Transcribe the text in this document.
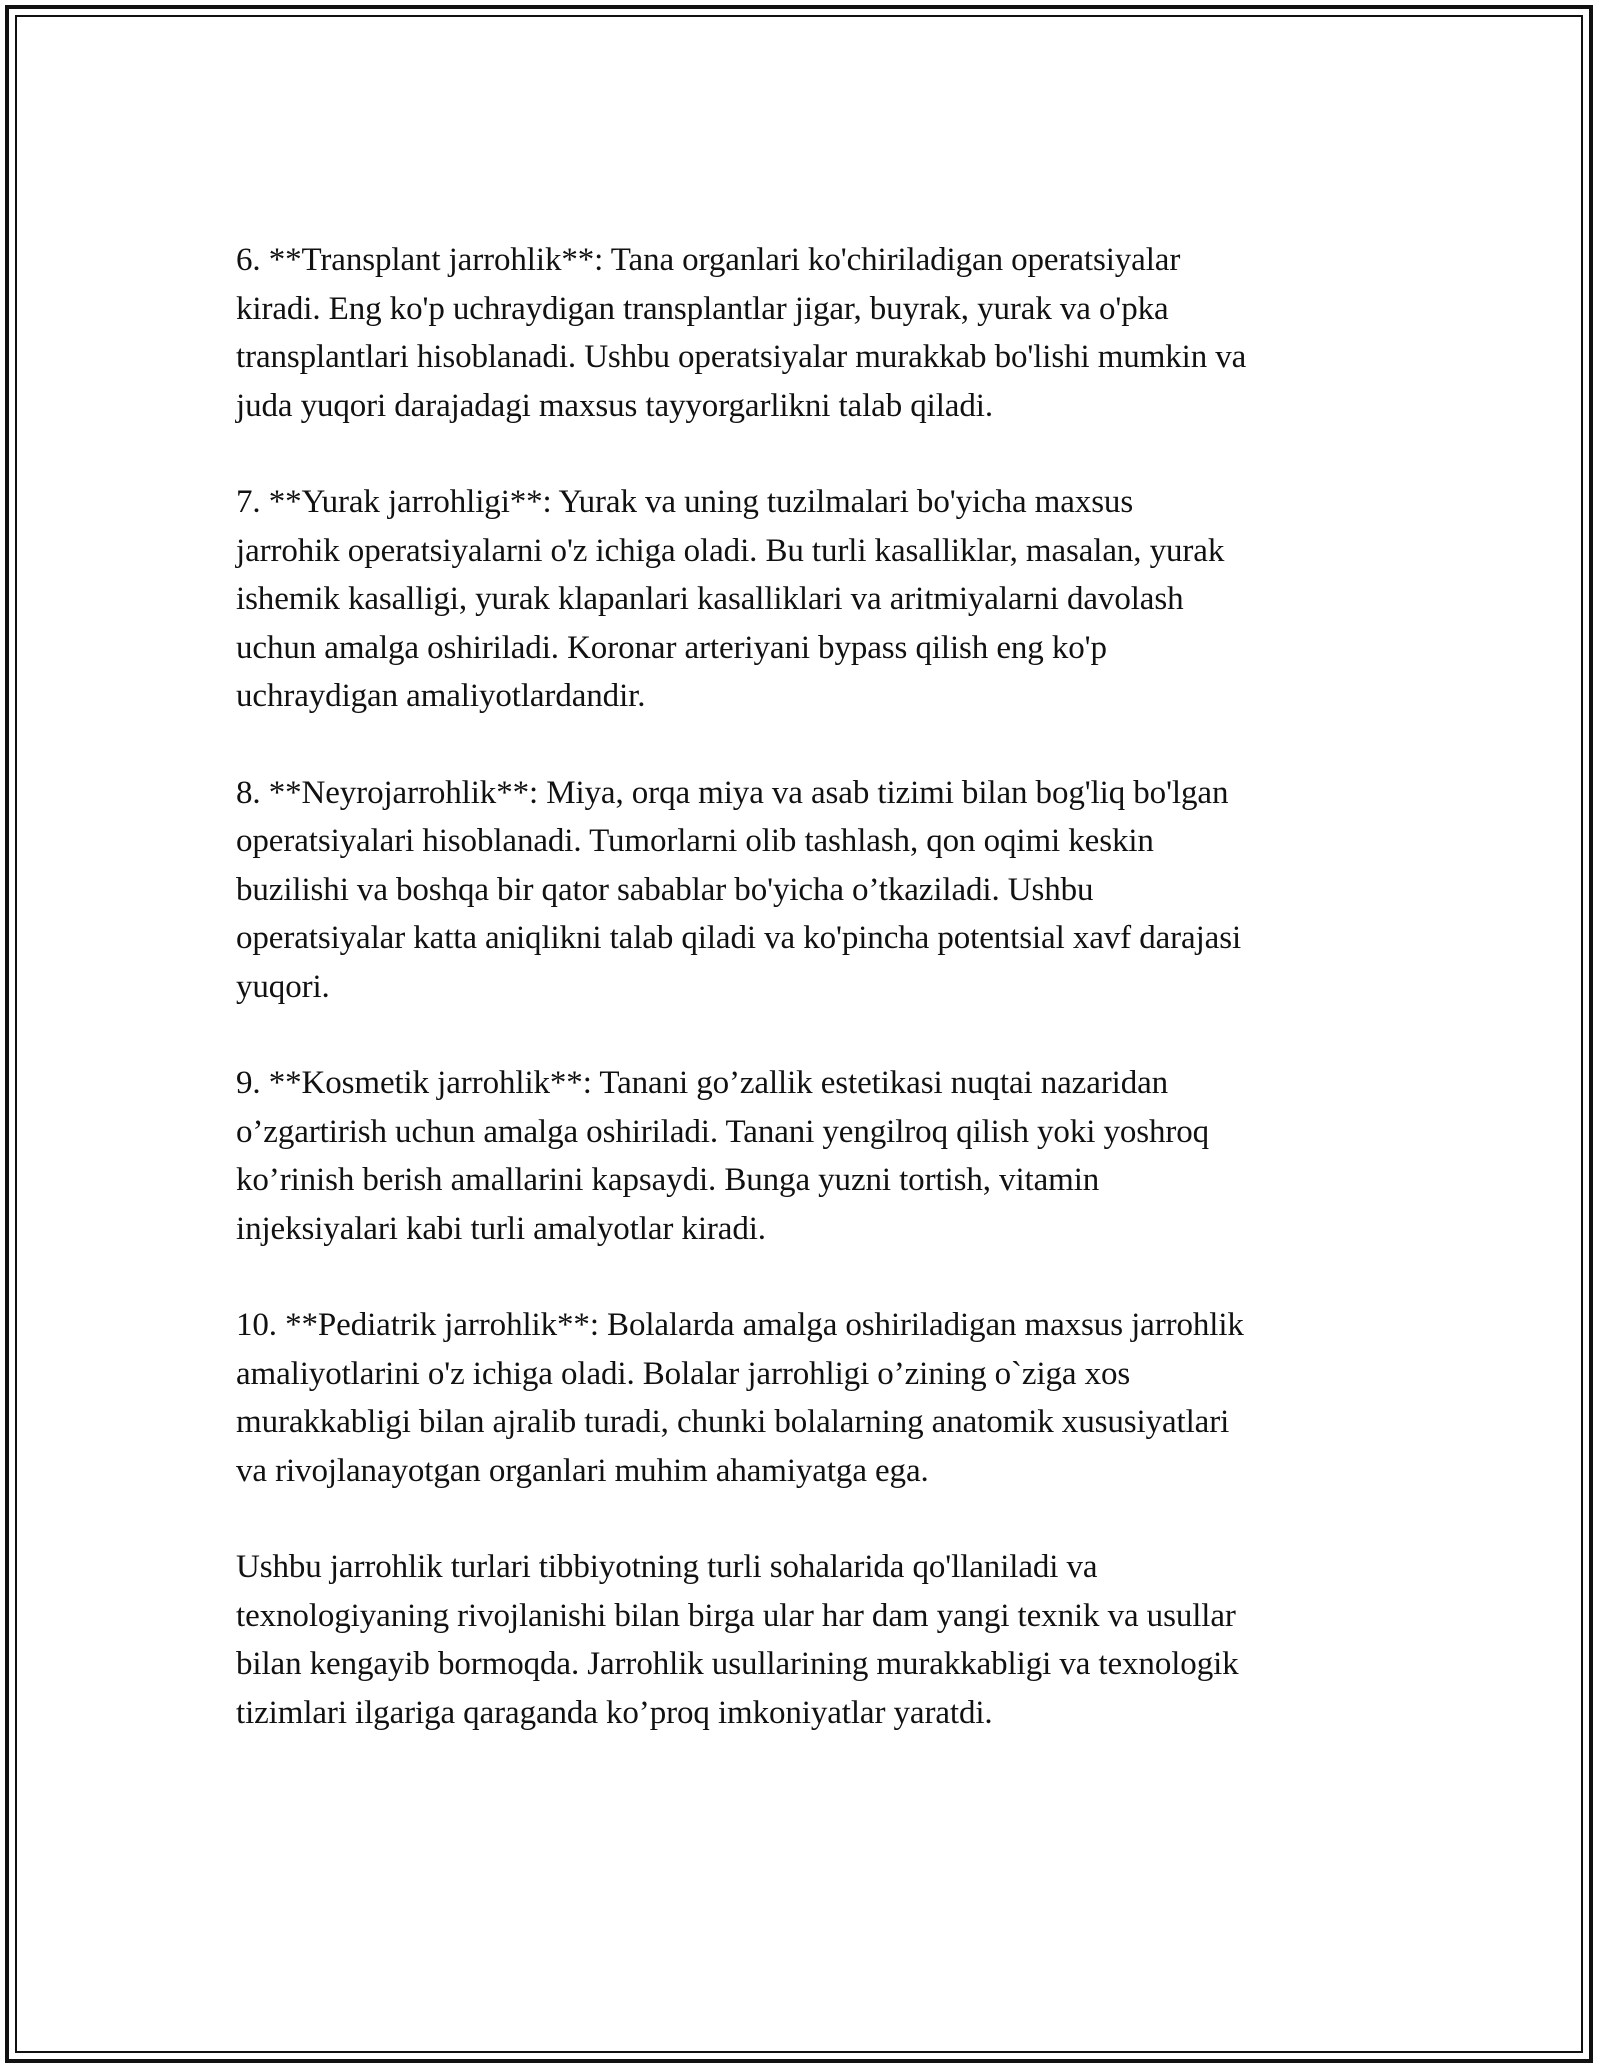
6. **Transplant jarrohlik**: Tana organlari ko'chiriladigan operatsiyalar
kiradi. Eng ko'p uchraydigan transplantlar jigar, buyrak, yurak va o'pka
transplantlari hisoblanadi. Ushbu operatsiyalar murakkab bo'lishi mumkin va
juda yuqori darajadagi maxsus tayyorgarlikni talab qiladi.

7. **Yurak jarrohligi**: Yurak va uning tuzilmalari bo'yicha maxsus
jarrohik operatsiyalarni o'z ichiga oladi. Bu turli kasalliklar, masalan, yurak
ishemik kasalligi, yurak klapanlari kasalliklari va aritmiyalarni davolash
uchun amalga oshiriladi. Koronar arteriyani bypass qilish eng ko'p
uchraydigan amaliyotlardandir.

8. **Neyrojarrohlik**: Miya, orqa miya va asab tizimi bilan bog'liq bo'lgan
operatsiyalari hisoblanadi. Tumorlarni olib tashlash, qon oqimi keskin
buzilishi va boshqa bir qator sabablar bo'yicha o’tkaziladi. Ushbu
operatsiyalar katta aniqlikni talab qiladi va ko'pincha potentsial xavf darajasi
yuqori.

9. **Kosmetik jarrohlik**: Tanani go’zallik estetikasi nuqtai nazaridan
o’zgartirish uchun amalga oshiriladi. Tanani yengilroq qilish yoki yoshroq
ko’rinish berish amallarini kapsaydi. Bunga yuzni tortish, vitamin
injeksiyalari kabi turli amalyotlar kiradi.

10. **Pediatrik jarrohlik**: Bolalarda amalga oshiriladigan maxsus jarrohlik
amaliyotlarini o'z ichiga oladi. Bolalar jarrohligi o’zining o`ziga xos
murakkabligi bilan ajralib turadi, chunki bolalarning anatomik xususiyatlari
va rivojlanayotgan organlari muhim ahamiyatga ega.

Ushbu jarrohlik turlari tibbiyotning turli sohalarida qo'llaniladi va
texnologiyaning rivojlanishi bilan birga ular har dam yangi texnik va usullar
bilan kengayib bormoqda. Jarrohlik usullarining murakkabligi va texnologik
tizimlari ilgariga qaraganda ko’proq imkoniyatlar yaratdi.
